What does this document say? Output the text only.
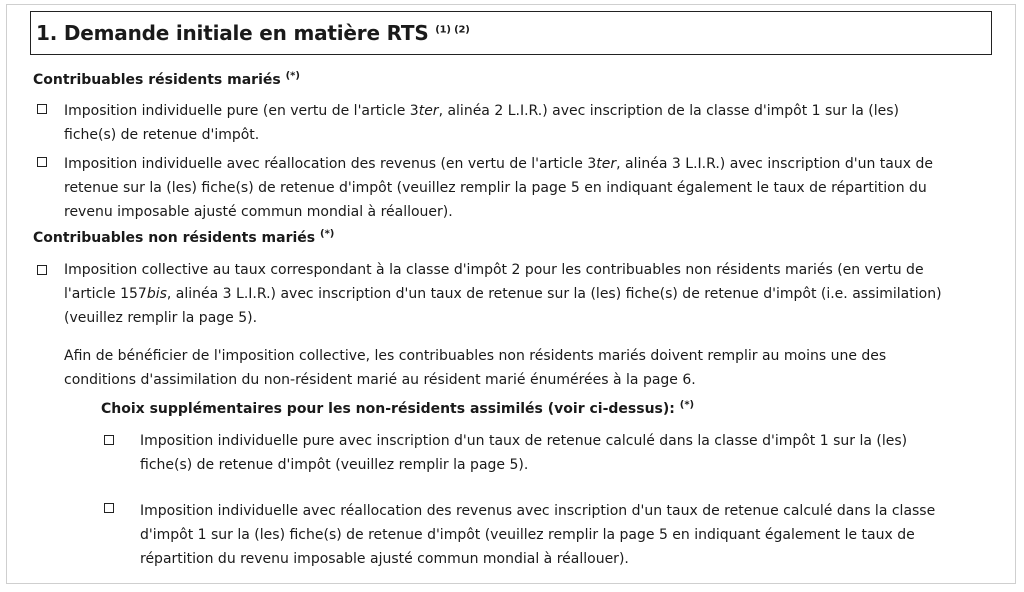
1. Demande initiale en matière RTS $^{(1) (2)}$
Contribuables résidents mariés (*)
Imposition individuelle pure (en vertu de l'article 3ter, alinéa 2 L.I.R.) avec inscription de la classe d'impôt 1 sur la (les)
fiche(s) de retenue d'impôt.
Imposition individuelle avec réallocation des revenus (en vertu de l'article 3ter, alinéa 3 L.I.R.) avec inscription d'un taux de
retenue sur la (les) fiche(s) de retenue d'impôt (veuillez remplir la page 5 en indiquant également le taux de répartition du
revenu imposable ajusté commun mondial à réallouer).
Contribuables non résidents mariés (*)
Imposition collective au taux correspondant à la classe d'impôt 2 pour les contribuables non résidents mariés (en vertu de
l'article 157bis, alinéa 3 L.I.R.) avec inscription d'un taux de retenue sur la (les) fiche(s) de retenue d'impôt (i.e. assimilation)
(veuillez remplir la page 5).
Afin de bénéficier de l'imposition collective, les contribuables non résidents mariés doivent remplir au moins une des
conditions d'assimilation du non-résident marié au résident marié énumérées à la page 6.
Choix supplémentaires pour les non-résidents assimilés (voir ci-dessus): (*)
Imposition individuelle pure avec inscription d'un taux de retenue calculé dans la classe d'impôt 1 sur la (les)
fiche(s) de retenue d'impôt (veuillez remplir la page 5).
Imposition individuelle avec réallocation des revenus avec inscription d'un taux de retenue calculé dans la classe
d'impôt 1 sur la (les) fiche(s) de retenue d'impôt (veuillez remplir la page 5 en indiquant également le taux de
répartition du revenu imposable ajusté commun mondial à réallouer).
